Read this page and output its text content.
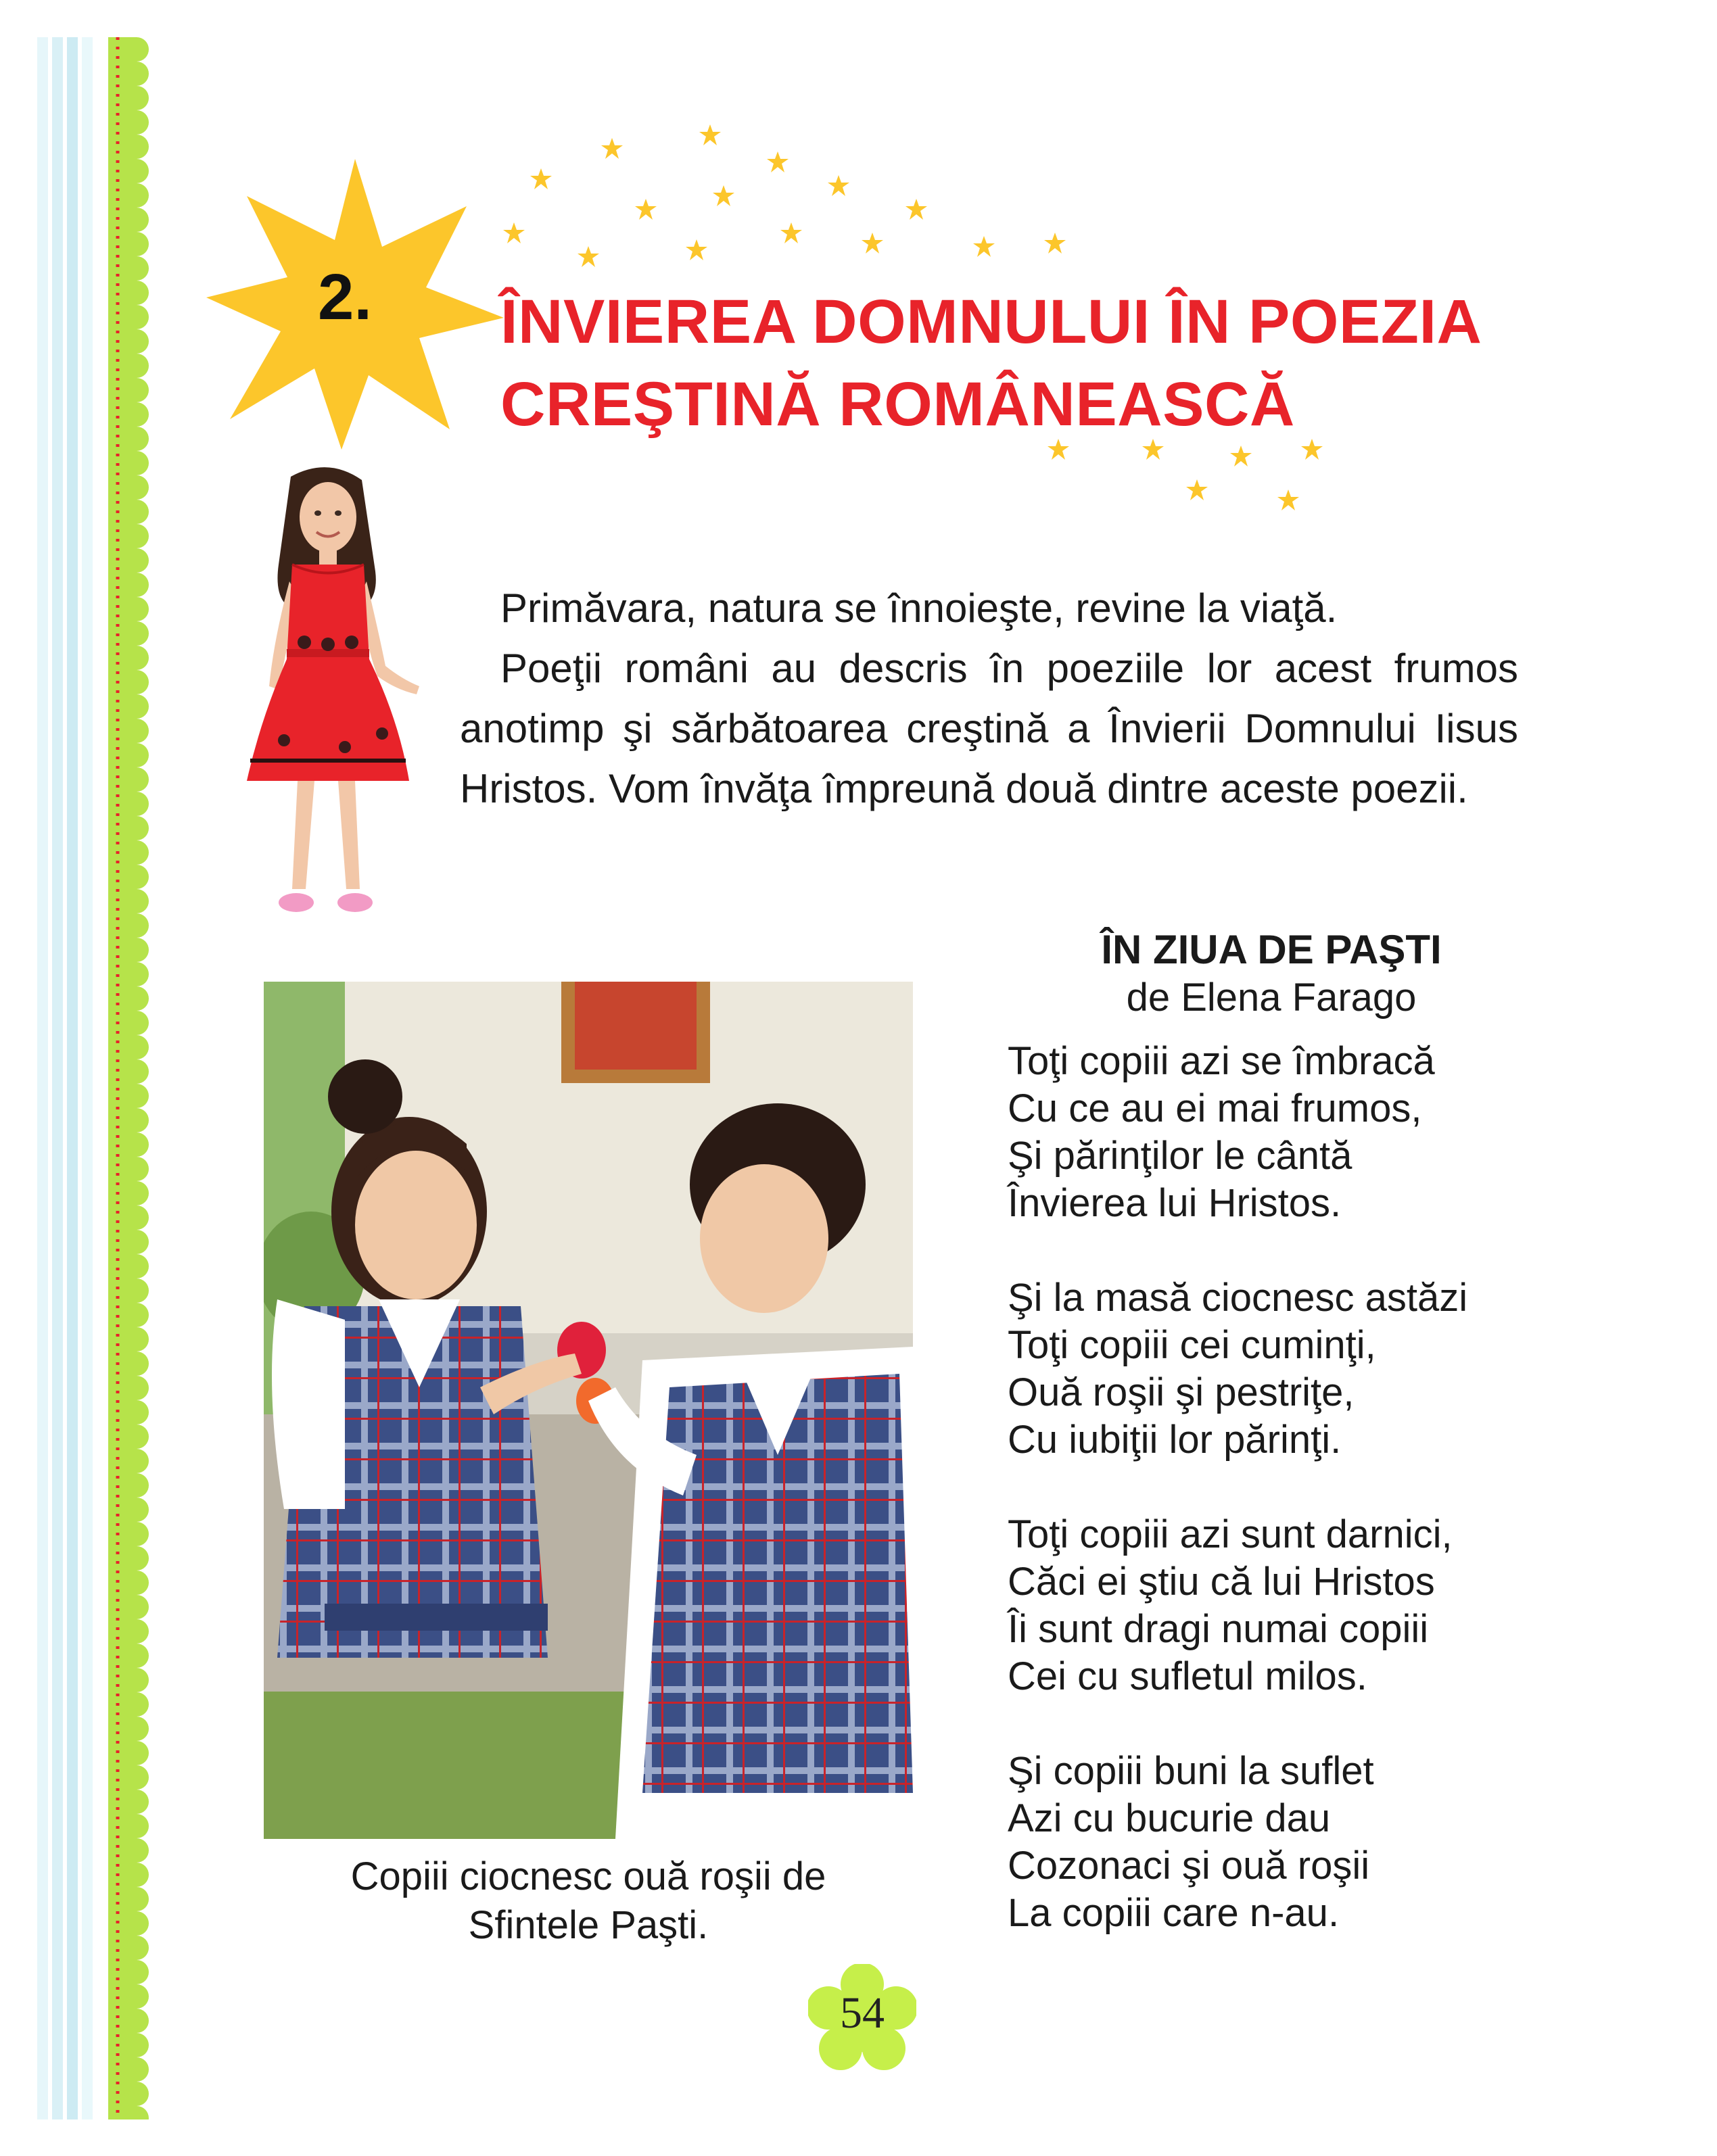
2. ÎNVIEREA DOMNULUI ÎN POEZIA
CREŞTINĂ ROMÂNEASCĂ

Primăvara, natura se înnoieşte, revine la viaţă.

Poeţii români au descris în poeziile lor acest frumos anotimp şi sărbătoarea creştină a Învierii Domnului Iisus Hristos. Vom învăţa împreună două dintre aceste poezii.

Copiii ciocnesc ouă roşii de
Sfintele Paşti.
ÎN ZIUA DE PAŞTI
de Elena Farago
Toţi copiii azi se îmbracă
Cu ce au ei mai frumos,
Şi părinţilor le cântă
Învierea lui Hristos.
Şi la masă ciocnesc astăzi
Toţi copiii cei cuminţi,
Ouă roşii şi pestriţe,
Cu iubiţii lor părinţi.
Toţi copiii azi sunt darnici,
Căci ei ştiu că lui Hristos
Îi sunt dragi numai copiii
Cei cu sufletul milos.
Şi copiii buni la suflet
Azi cu bucurie dau
Cozonaci şi ouă roşii
La copiii care n-au.
54
